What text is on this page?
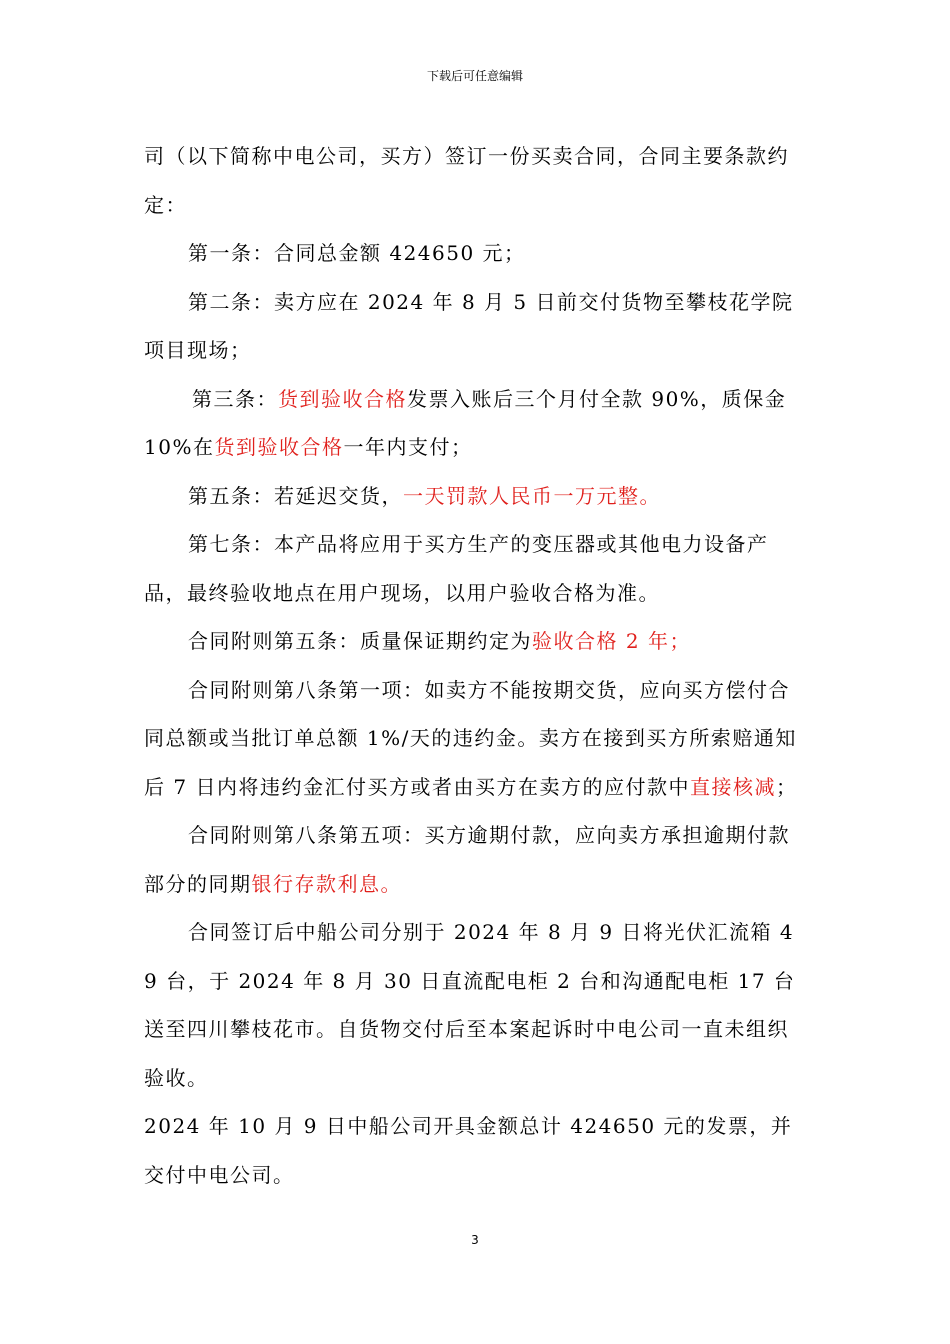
下载后可任意编辑

司（以下简称中电公司，买方）签订一份买卖合同，合同主要条款约定：

第一条：合同总金额 424650 元；

第二条：卖方应在 2024 年 8 月 5 日前交付货物至攀枝花学院项目现场；

第三条：货到验收合格发票入账后三个月付全款 90%，质保金 10%在货到验收合格一年内支付；

第五条：若延迟交货，一天罚款人民币一万元整。

第七条：本产品将应用于买方生产的变压器或其他电力设备产品，最终验收地点在用户现场，以用户验收合格为准。

合同附则第五条：质量保证期约定为验收合格 2 年；

合同附则第八条第一项：如卖方不能按期交货，应向买方偿付合同总额或当批订单总额 1%/天的违约金。卖方在接到买方所索赔通知后 7 日内将违约金汇付买方或者由买方在卖方的应付款中直接核减；

合同附则第八条第五项：买方逾期付款，应向卖方承担逾期付款部分的同期银行存款利息。

合同签订后中船公司分别于 2024 年 8 月 9 日将光伏汇流箱 49 台，于 2024 年 8 月 30 日直流配电柜 2 台和沟通配电柜 17 台送至四川攀枝花市。自货物交付后至本案起诉时中电公司一直未组织验收。

2024 年 10 月 9 日中船公司开具金额总计 424650 元的发票，并交付中电公司。

3
